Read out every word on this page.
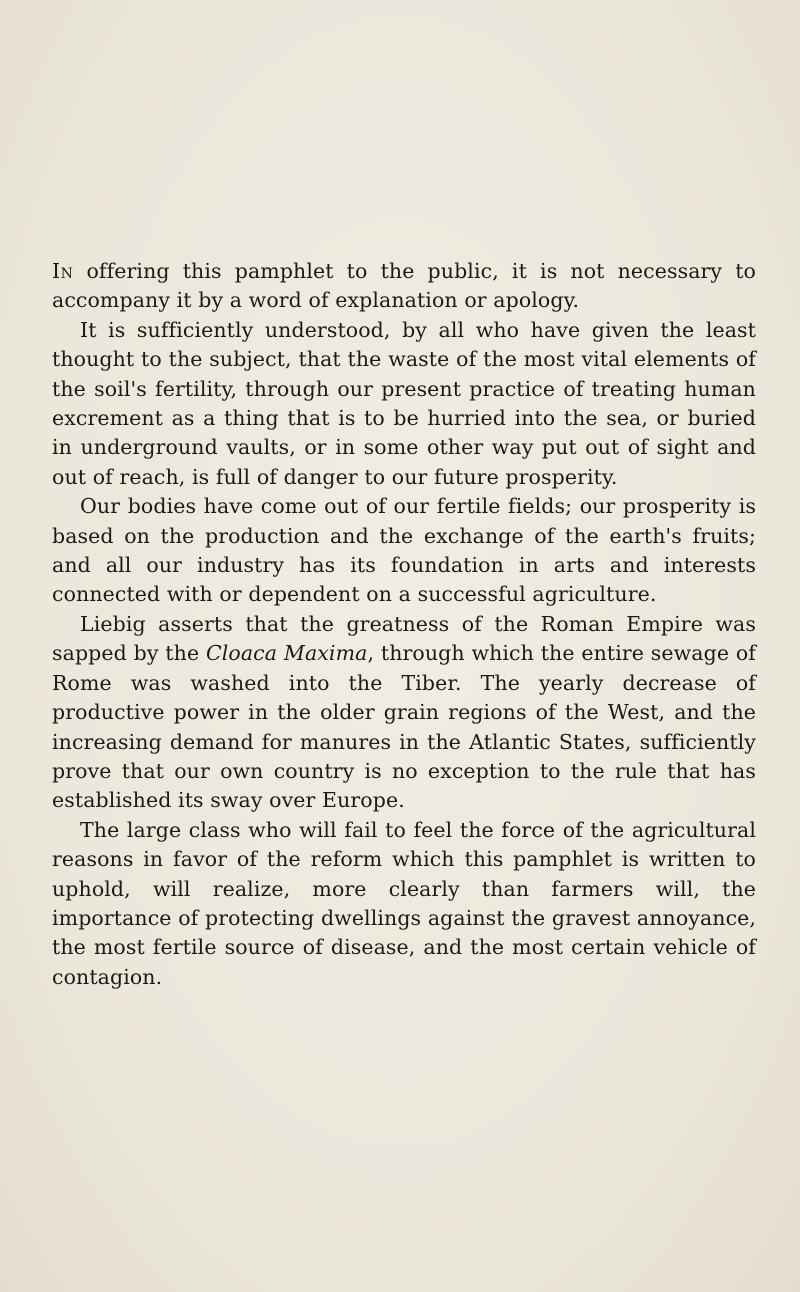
In offering this pamphlet to the public, it is not necessary to accompany it by a word of explanation or apology.

It is sufficiently understood, by all who have given the least thought to the subject, that the waste of the most vital elements of the soil's fertility, through our present practice of treating human excrement as a thing that is to be hurried into the sea, or buried in underground vaults, or in some other way put out of sight and out of reach, is full of danger to our future prosperity.

Our bodies have come out of our fertile fields; our prosperity is based on the production and the exchange of the earth's fruits; and all our industry has its foundation in arts and interests connected with or dependent on a successful agriculture.

Liebig asserts that the greatness of the Roman Empire was sapped by the Cloaca Maxima, through which the entire sewage of Rome was washed into the Tiber. The yearly decrease of productive power in the older grain regions of the West, and the increasing demand for manures in the Atlantic States, sufficiently prove that our own country is no exception to the rule that has established its sway over Europe.

The large class who will fail to feel the force of the agricultural reasons in favor of the reform which this pamphlet is written to uphold, will realize, more clearly than farmers will, the importance of protecting dwellings against the gravest annoyance, the most fertile source of disease, and the most certain vehicle of contagion.
